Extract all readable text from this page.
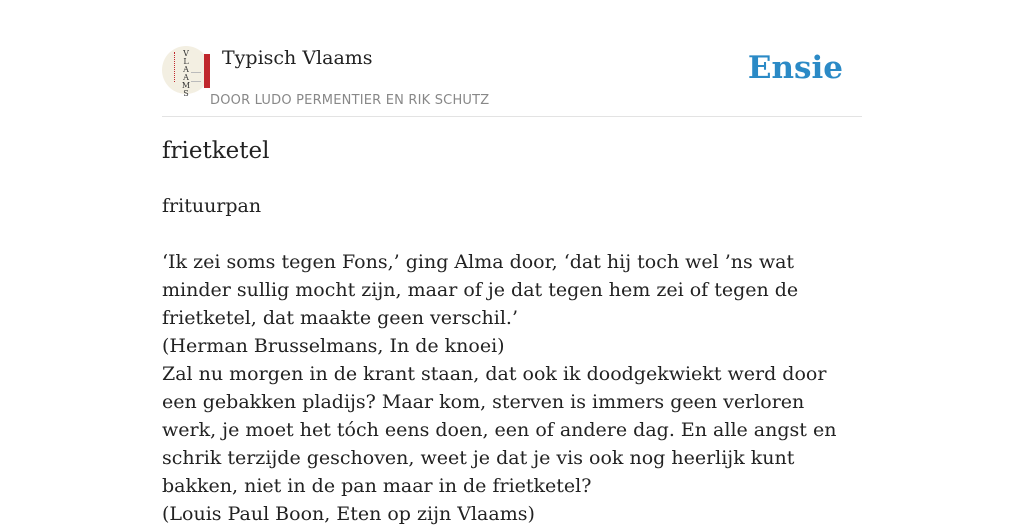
V
L
A
A
M
S
Typisch Vlaams
DOOR LUDO PERMENTIER EN RIK SCHUTZ
Ensie
frietketel

frituurpan

‘Ik zei soms tegen Fons,’ ging Alma door, ‘dat hij toch wel ’ns wat minder sullig mocht zijn, maar of je dat tegen hem zei of tegen de frietketel, dat maakte geen verschil.’

(Herman Brusselmans, In de knoei)

Zal nu morgen in de krant staan, dat ook ik doodgekwiekt werd door een gebakken pladijs? Maar kom, sterven is immers geen verloren werk, je moet het tóch eens doen, een of andere dag. En alle angst en schrik terzijde geschoven, weet je dat je vis ook nog heerlijk kunt bakken, niet in de pan maar in de frietketel?

(Louis Paul Boon, Eten op zijn Vlaams)
